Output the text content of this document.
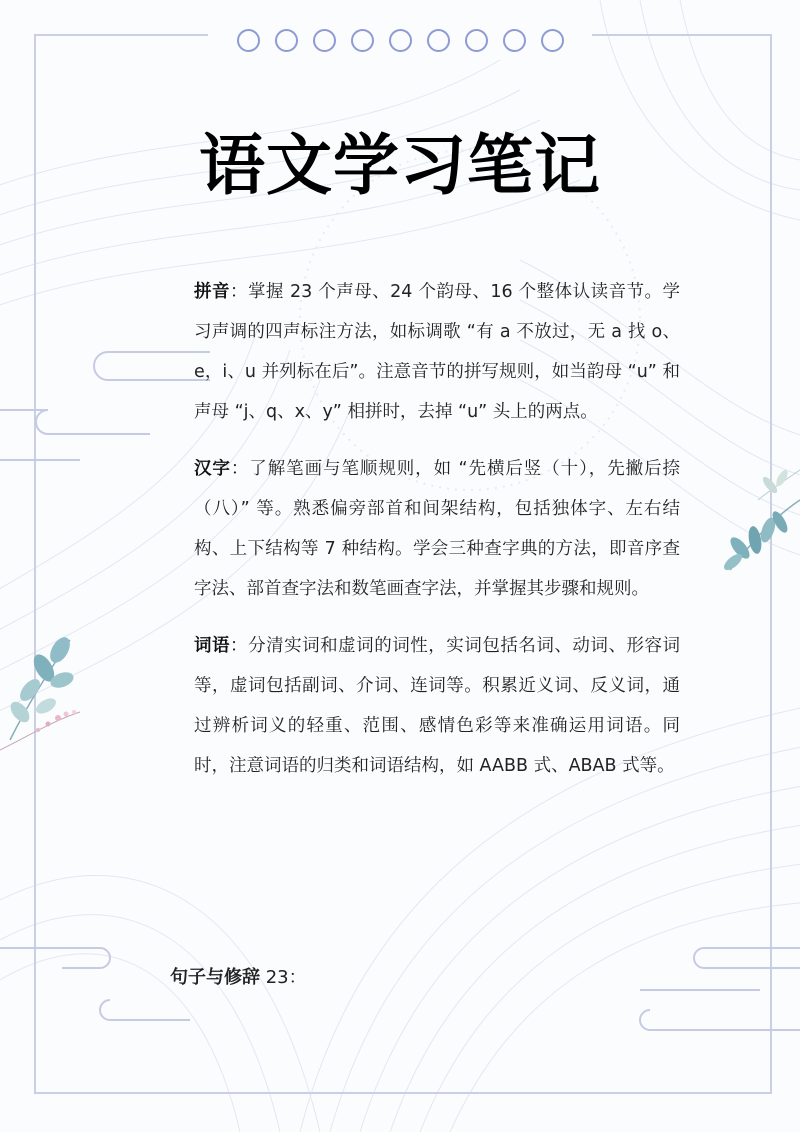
语文学习笔记

拼音：掌握 23 个声母、24 个韵母、16 个整体认读音节。学习声调的四声标注方法，如标调歌 “有 a 不放过，无 a 找 o、e，i、u 并列标在后”。注意音节的拼写规则，如当韵母 “u” 和声母 “j、q、x、y” 相拼时，去掉 “u” 头上的两点。

汉字：了解笔画与笔顺规则，如 “先横后竖（十），先撇后捺（八）” 等。熟悉偏旁部首和间架结构，包括独体字、左右结构、上下结构等 7 种结构。学会三种查字典的方法，即音序查字法、部首查字法和数笔画查字法，并掌握其步骤和规则。

词语：分清实词和虚词的词性，实词包括名词、动词、形容词等，虚词包括副词、介词、连词等。积累近义词、反义词，通过辨析词义的轻重、范围、感情色彩等来准确运用词语。同时，注意词语的归类和词语结构，如 AABB 式、ABAB 式等。

句子与修辞 23：
